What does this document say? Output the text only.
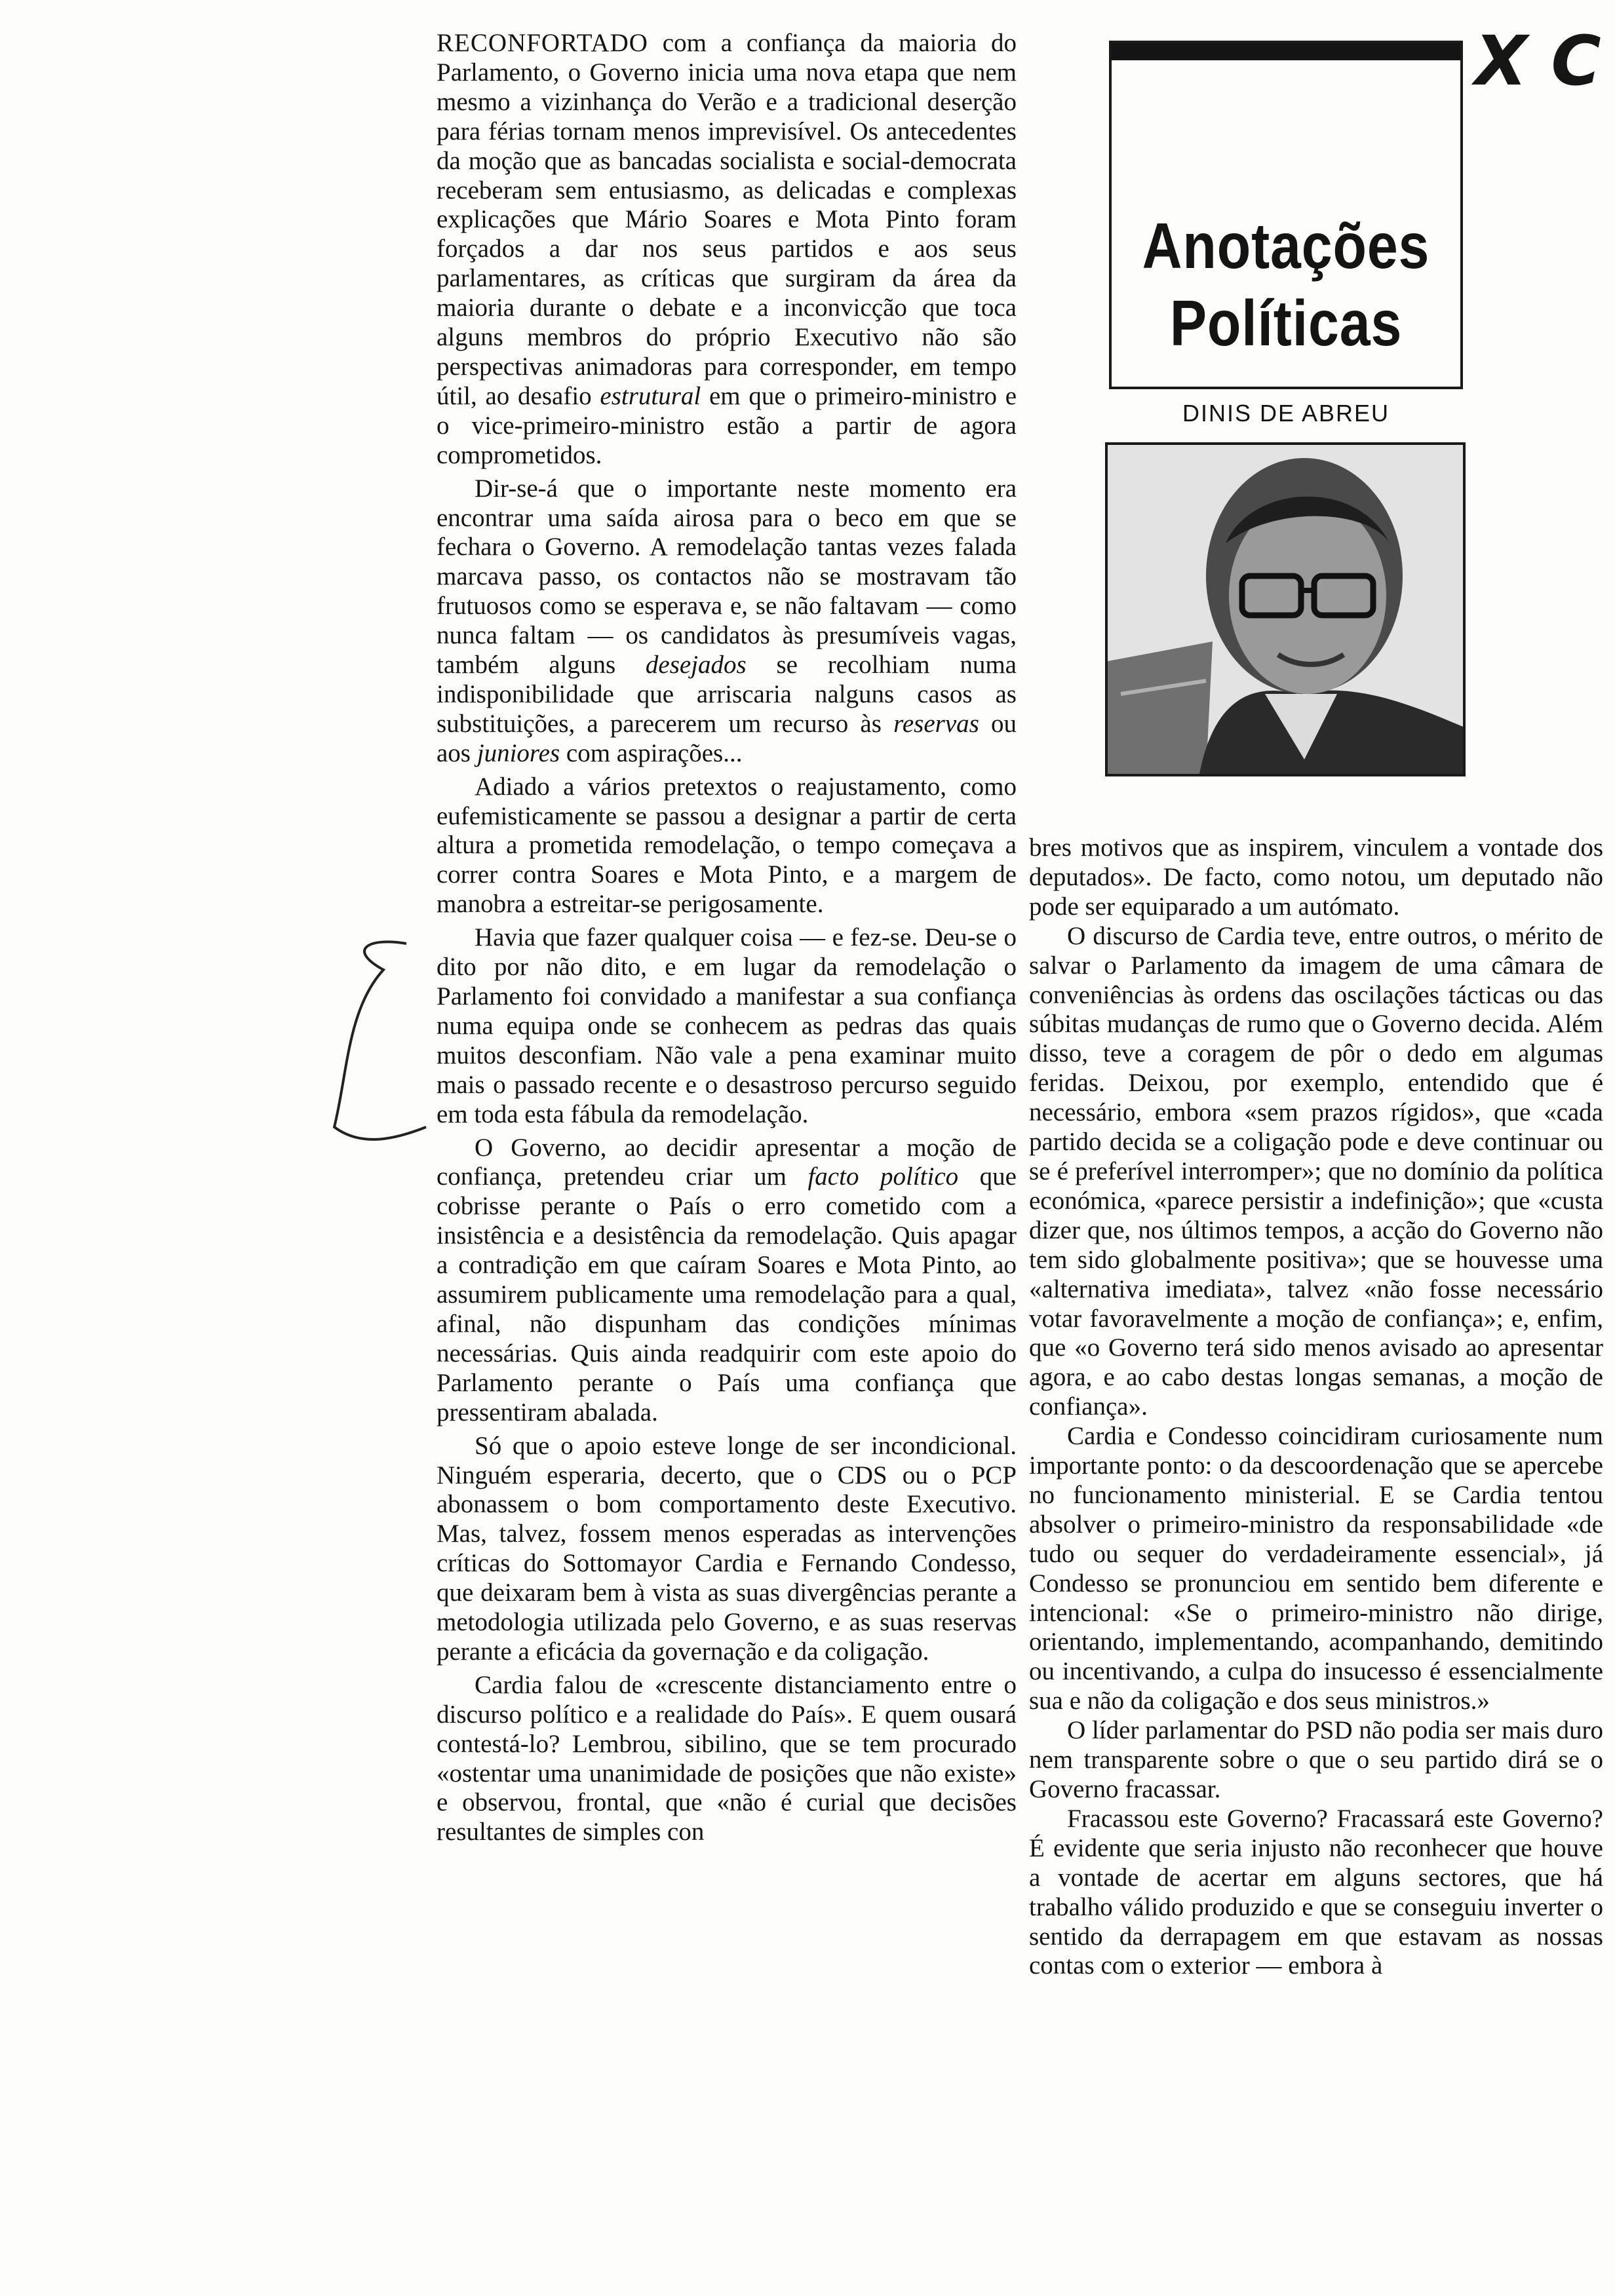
X C

RECONFORTADO com a confiança da maioria do Parlamento, o Governo inicia uma nova etapa que nem mesmo a vizinhança do Verão e a tradicional deserção para férias tornam menos imprevisível. Os antecedentes da moção que as bancadas socialista e social-democrata receberam sem entusiasmo, as delicadas e complexas explicações que Mário Soares e Mota Pinto foram forçados a dar nos seus partidos e aos seus parlamentares, as críticas que surgiram da área da maioria durante o debate e a inconvicção que toca alguns membros do próprio Executivo não são perspectivas animadoras para corresponder, em tempo útil, ao desafio estrutural em que o primeiro-ministro e o vice-primeiro-ministro estão a partir de agora comprometidos.

Dir-se-á que o importante neste momento era encontrar uma saída airosa para o beco em que se fechara o Governo. A remodelação tantas vezes falada marcava passo, os contactos não se mostravam tão frutuosos como se esperava e, se não faltavam — como nunca faltam — os candidatos às presumíveis vagas, também alguns desejados se recolhiam numa indisponibilidade que arriscaria nalguns casos as substituições, a parecerem um recurso às reservas ou aos juniores com aspirações...

Adiado a vários pretextos o reajustamento, como eufemisticamente se passou a designar a partir de certa altura a prometida remodelação, o tempo começava a correr contra Soares e Mota Pinto, e a margem de manobra a estreitar-se perigosamente.

Havia que fazer qualquer coisa — e fez-se. Deu-se o dito por não dito, e em lugar da remodelação o Parlamento foi convidado a manifestar a sua confiança numa equipa onde se conhecem as pedras das quais muitos desconfiam. Não vale a pena examinar muito mais o passado recente e o desastroso percurso seguido em toda esta fábula da remodelação.

O Governo, ao decidir apresentar a moção de confiança, pretendeu criar um facto político que cobrisse perante o País o erro cometido com a insistência e a desistência da remodelação. Quis apagar a contradição em que caíram Soares e Mota Pinto, ao assumirem publicamente uma remodelação para a qual, afinal, não dispunham das condições mínimas necessárias. Quis ainda readquirir com este apoio do Parlamento perante o País uma confiança que pressentiram abalada.

Só que o apoio esteve longe de ser incondicional. Ninguém esperaria, decerto, que o CDS ou o PCP abonassem o bom comportamento deste Executivo. Mas, talvez, fossem menos esperadas as intervenções críticas do Sottomayor Cardia e Fernando Condesso, que deixaram bem à vista as suas divergências perante a metodologia utilizada pelo Governo, e as suas reservas perante a eficácia da governação e da coligação.

Cardia falou de «crescente distanciamento entre o discurso político e a realidade do País». E quem ousará contestá-lo? Lembrou, sibilino, que se tem procurado «ostentar uma unanimidade de posições que não existe» e observou, frontal, que «não é curial que decisões resultantes de simples con

Anotações Políticas
DINIS DE ABREU

bres motivos que as inspirem, vinculem a vontade dos deputados». De facto, como notou, um deputado não pode ser equiparado a um autómato.

O discurso de Cardia teve, entre outros, o mérito de salvar o Parlamento da imagem de uma câmara de conveniências às ordens das oscilações tácticas ou das súbitas mudanças de rumo que o Governo decida. Além disso, teve a coragem de pôr o dedo em algumas feridas. Deixou, por exemplo, entendido que é necessário, embora «sem prazos rígidos», que «cada partido decida se a coligação pode e deve continuar ou se é preferível interromper»; que no domínio da política económica, «parece persistir a indefinição»; que «custa dizer que, nos últimos tempos, a acção do Governo não tem sido globalmente positiva»; que se houvesse uma «alternativa imediata», talvez «não fosse necessário votar favoravelmente a moção de confiança»; e, enfim, que «o Governo terá sido menos avisado ao apresentar agora, e ao cabo destas longas semanas, a moção de confiança».

Cardia e Condesso coincidiram curiosamente num importante ponto: o da descoordenação que se apercebe no funcionamento ministerial. E se Cardia tentou absolver o primeiro-ministro da responsabilidade «de tudo ou sequer do verdadeiramente essencial», já Condesso se pronunciou em sentido bem diferente e intencional: «Se o primeiro-ministro não dirige, orientando, implementando, acompanhando, demitindo ou incentivando, a culpa do insucesso é essencialmente sua e não da coligação e dos seus ministros.»

O líder parlamentar do PSD não podia ser mais duro nem transparente sobre o que o seu partido dirá se o Governo fracassar.

Fracassou este Governo? Fracassará este Governo? É evidente que seria injusto não reconhecer que houve a vontade de acertar em alguns sectores, que há trabalho válido produzido e que se conseguiu inverter o sentido da derrapagem em que estavam as nossas contas com o exterior — embora à
